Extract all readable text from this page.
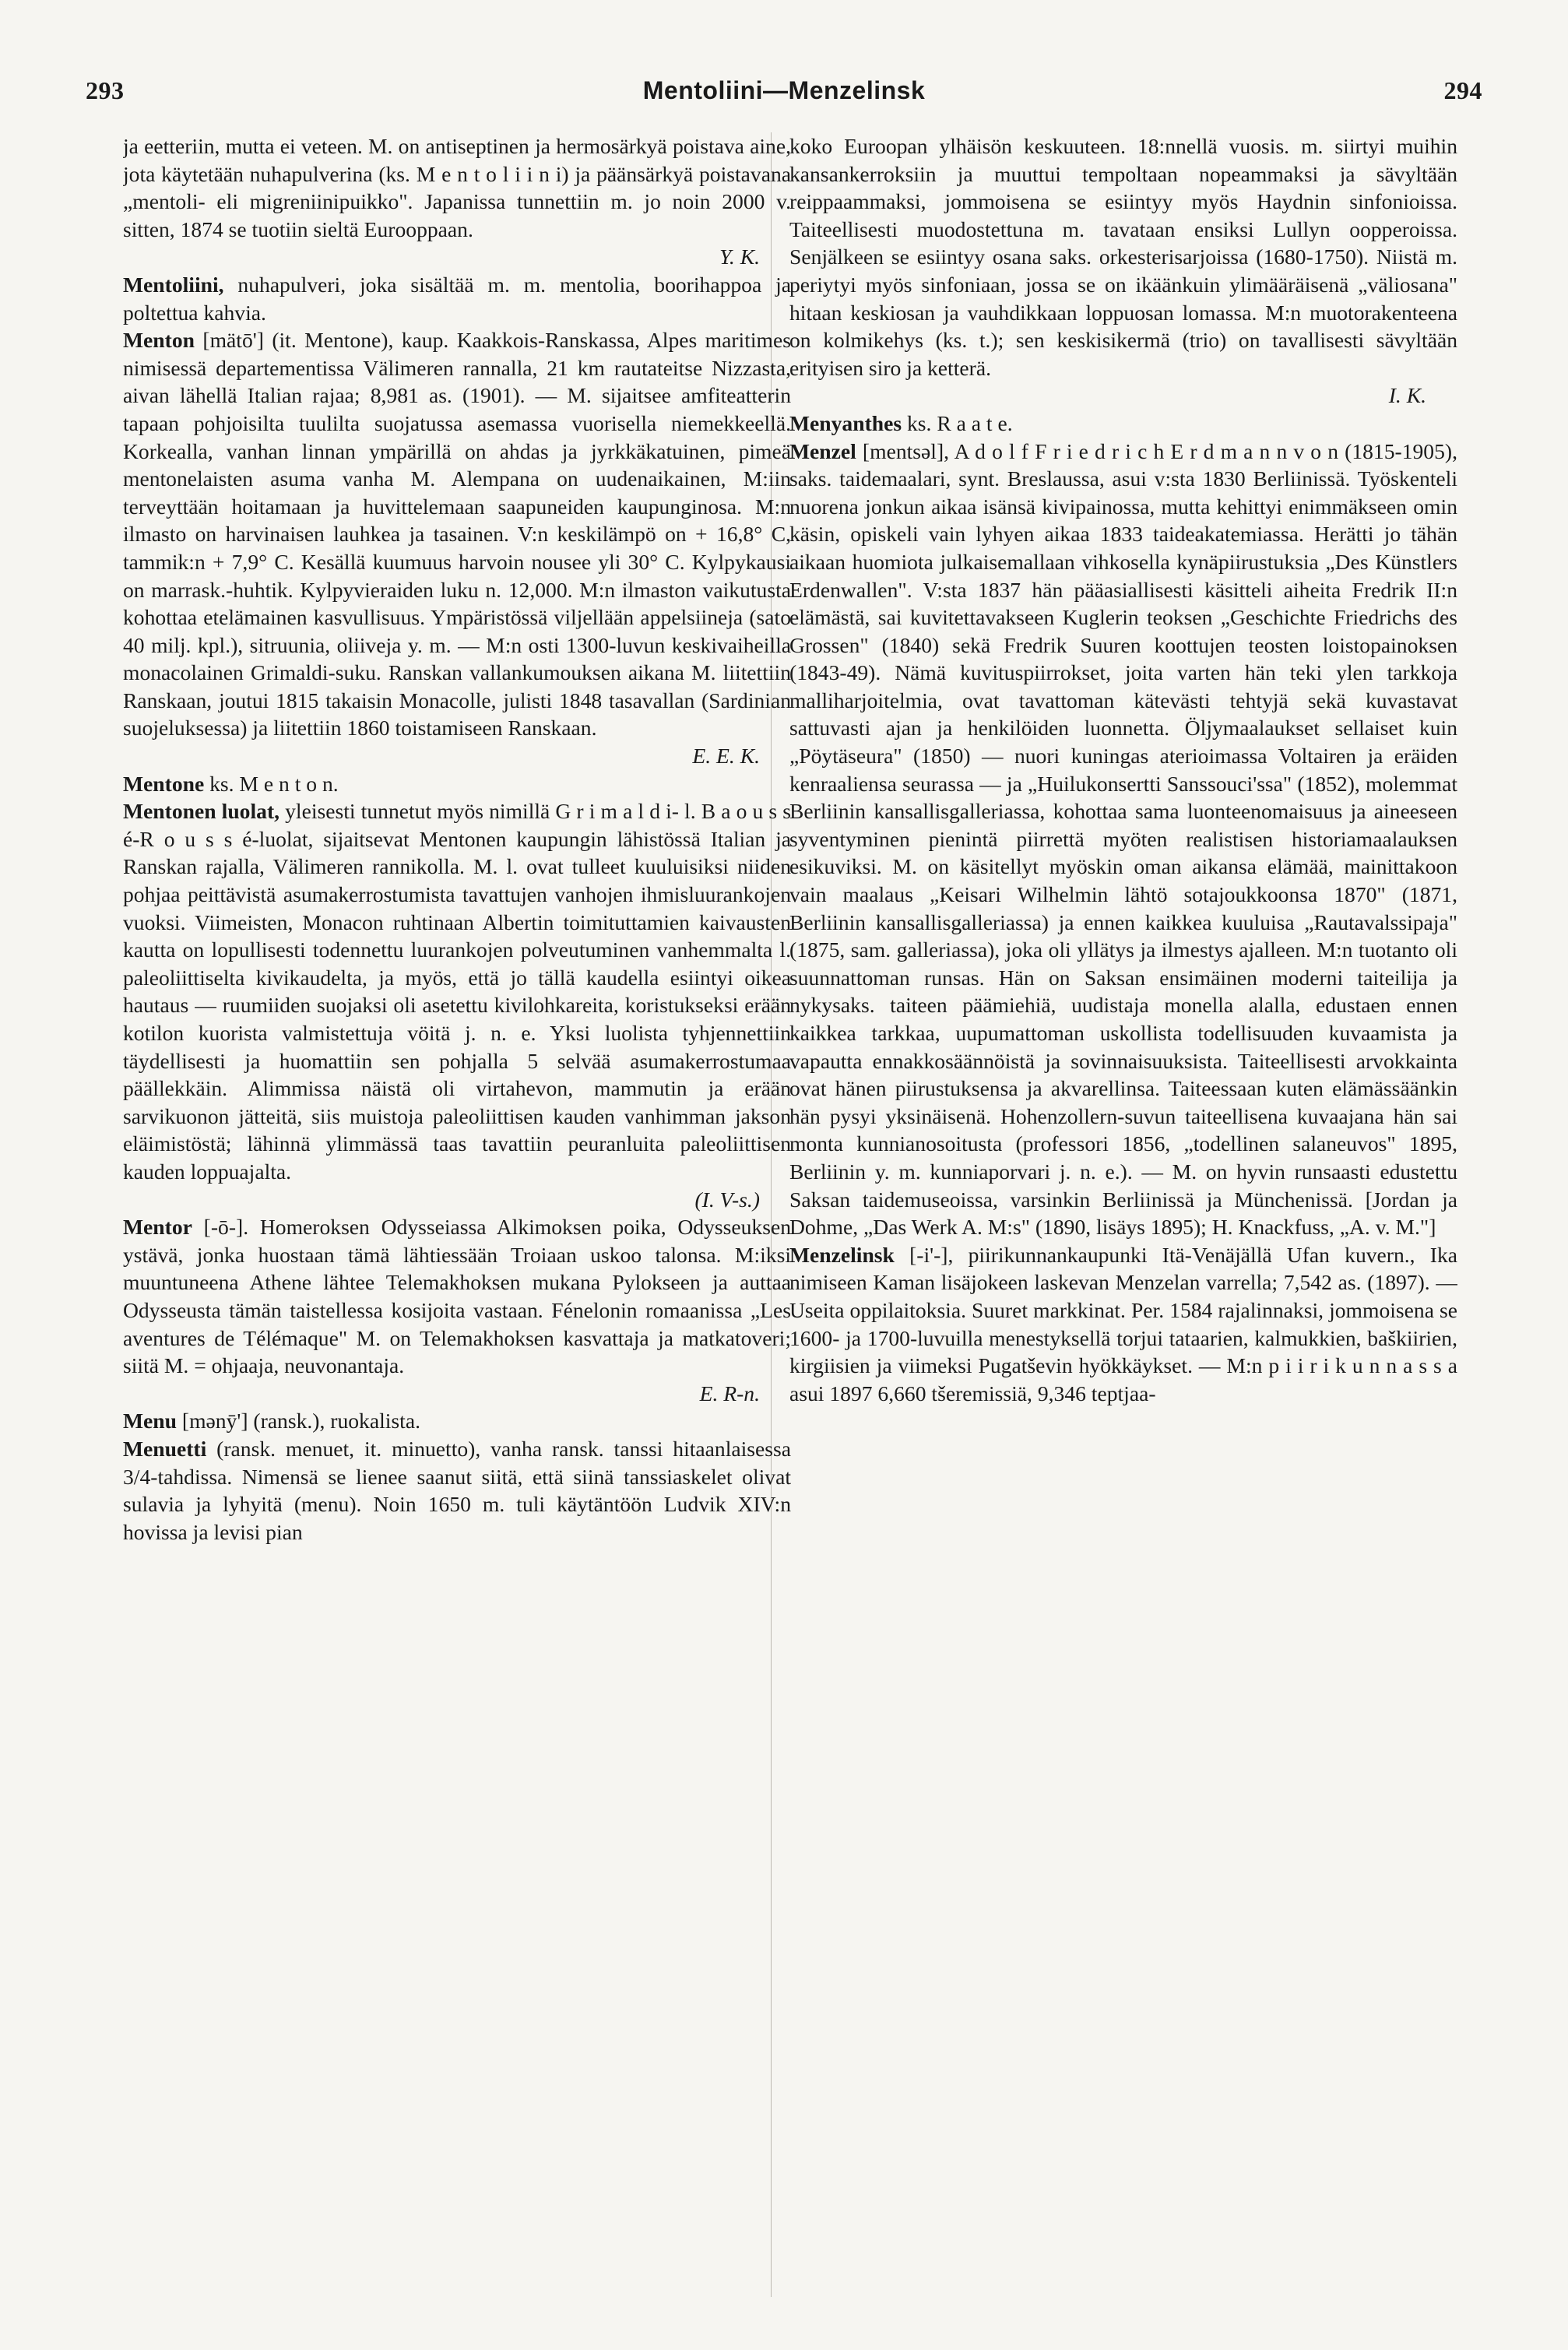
293	Mentoliini—Menzelinsk	294

ja eetteriin, mutta ei veteen. M. on antiseptinen ja hermosärkyä poistava aine, jota käytetään nuhapulverina (ks. M e n t o l i i n i) ja päänsärkyä poistavana „mentoli- eli migreniinipuikko". Japanissa tunnettiin m. jo noin 2000 v. sitten, 1874 se tuotiin sieltä Eurooppaan.

Y. K.

Mentoliini, nuhapulveri, joka sisältää m. m. mentolia, boorihappoa ja poltettua kahvia.

Menton [mätō'] (it. Mentone), kaup. Kaakkois-Ranskassa, Alpes maritimes nimisessä departementissa Välimeren rannalla, 21 km rautateitse Nizzasta, aivan lähellä Italian rajaa; 8,981 as. (1901). — M. sijaitsee amfiteatterin tapaan pohjoisilta tuulilta suojatussa asemassa vuorisella niemekkeellä. Korkealla, vanhan linnan ympärillä on ahdas ja jyrkkäkatuinen, pimeä mentonelaisten asuma vanha M. Alempana on uudenaikainen, M:iin terveyttään hoitamaan ja huvittelemaan saapuneiden kaupunginosa. M:n ilmasto on harvinaisen lauhkea ja tasainen. V:n keskilämpö on + 16,8° C, tammik:n + 7,9° C. Kesällä kuumuus harvoin nousee yli 30° C. Kylpykausi on marrask.-huhtik. Kylpyvieraiden luku n. 12,000. M:n ilmaston vaikutusta kohottaa etelämainen kasvullisuus. Ympäristössä viljellään appelsiineja (sato 40 milj. kpl.), sitruunia, oliiveja y. m. — M:n osti 1300-luvun keskivaiheilla monacolainen Grimaldi-suku. Ranskan vallankumouksen aikana M. liitettiin Ranskaan, joutui 1815 takaisin Monacolle, julisti 1848 tasavallan (Sardinian suojeluksessa) ja liitettiin 1860 toistamiseen Ranskaan.

E. E. K.

Mentone ks. M e n t o n.

Mentonen luolat, yleisesti tunnetut myös nimillä G r i m a l d i- l. B a o u s s é-R o u s s é-luolat, sijaitsevat Mentonen kaupungin lähistössä Italian ja Ranskan rajalla, Välimeren rannikolla. M. l. ovat tulleet kuuluisiksi niiden pohjaa peittävistä asumakerrostumista tavattujen vanhojen ihmisluurankojen vuoksi. Viimeisten, Monacon ruhtinaan Albertin toimituttamien kaivausten kautta on lopullisesti todennettu luurankojen polveutuminen vanhemmalta l. paleoliittiselta kivikaudelta, ja myös, että jo tällä kaudella esiintyi oikea hautaus — ruumiiden suojaksi oli asetettu kivilohkareita, koristukseksi erään kotilon kuorista valmistettuja vöitä j. n. e. Yksi luolista tyhjennettiin täydellisesti ja huomattiin sen pohjalla 5 selvää asumakerrostumaa päällekkäin. Alimmissa näistä oli virtahevon, mammutin ja erään sarvikuonon jätteitä, siis muistoja paleoliittisen kauden vanhimman jakson eläimistöstä; lähinnä ylimmässä taas tavattiin peuranluita paleoliittisen kauden loppuajalta.

(I. V-s.)

Mentor [-ō-]. Homeroksen Odysseiassa Alkimoksen poika, Odysseuksen ystävä, jonka huostaan tämä lähtiessään Troiaan uskoo talonsa. M:iksi muuntuneena Athene lähtee Telemakhoksen mukana Pylokseen ja auttaa Odysseusta tämän taistellessa kosijoita vastaan. Fénelonin romaanissa „Les aventures de Télémaque" M. on Telemakhoksen kasvattaja ja matkatoveri; siitä M. = ohjaaja, neuvonantaja.

E. R-n.

Menu [mənȳ'] (ransk.), ruokalista.

Menuetti (ransk. menuet, it. minuetto), vanha ransk. tanssi hitaanlaisessa 3/4-tahdissa. Nimensä se lienee saanut siitä, että siinä tanssiaskelet olivat sulavia ja lyhyitä (menu). Noin 1650 m. tuli käytäntöön Ludvik XIV:n hovissa ja levisi pian

koko Euroopan ylhäisön keskuuteen. 18:nnellä vuosis. m. siirtyi muihin kansankerroksiin ja muuttui tempoltaan nopeammaksi ja sävyltään reippaammaksi, jommoisena se esiintyy myös Haydnin sinfonioissa. Taiteellisesti muodostettuna m. tavataan ensiksi Lullyn oopperoissa. Senjälkeen se esiintyy osana saks. orkesterisarjoissa (1680-1750). Niistä m. periytyi myös sinfoniaan, jossa se on ikäänkuin ylimääräisenä „väliosana" hitaan keskiosan ja vauhdikkaan loppuosan lomassa. M:n muotorakenteena on kolmikehys (ks. t.); sen keskisikermä (trio) on tavallisesti sävyltään erityisen siro ja ketterä.

I. K.

Menyanthes ks. R a a t e.

Menzel [mentsəl], A d o l f F r i e d r i c h E r d m a n n v o n (1815-1905), saks. taidemaalari, synt. Breslaussa, asui v:sta 1830 Berliinissä. Työskenteli nuorena jonkun aikaa isänsä kivipainossa, mutta kehittyi enimmäkseen omin käsin, opiskeli vain lyhyen aikaa 1833 taideakatemiassa. Herätti jo tähän aikaan huomiota julkaisemallaan vihkosella kynäpiirustuksia „Des Künstlers Erdenwallen". V:sta 1837 hän pääasiallisesti käsitteli aiheita Fredrik II:n elämästä, sai kuvitettavakseen Kuglerin teoksen „Geschichte Friedrichs des Grossen" (1840) sekä Fredrik Suuren koottujen teosten loistopainoksen (1843-49). Nämä kuvituspiirrokset, joita varten hän teki ylen tarkkoja malliharjoitelmia, ovat tavattoman kätevästi tehtyjä sekä kuvastavat sattuvasti ajan ja henkilöiden luonnetta. Öljymaalaukset sellaiset kuin „Pöytäseura" (1850) — nuori kuningas aterioimassa Voltairen ja eräiden kenraaliensa seurassa — ja „Huilukonsertti Sanssouci'ssa" (1852), molemmat Berliinin kansallisgalleriassa, kohottaa sama luonteenomaisuus ja aineeseen syventyminen pienintä piirrettä myöten realistisen historiamaalauksen esikuviksi. M. on käsitellyt myöskin oman aikansa elämää, mainittakoon vain maalaus „Keisari Wilhelmin lähtö sotajoukkoonsa 1870" (1871, Berliinin kansallisgalleriassa) ja ennen kaikkea kuuluisa „Rautavalssipaja" (1875, sam. galleriassa), joka oli yllätys ja ilmestys ajalleen. M:n tuotanto oli suunnattoman runsas. Hän on Saksan ensimäinen moderni taiteilija ja nykysaks. taiteen päämiehiä, uudistaja monella alalla, edustaen ennen kaikkea tarkkaa, uupumattoman uskollista todellisuuden kuvaamista ja vapautta ennakkosäännöistä ja sovinnaisuuksista. Taiteellisesti arvokkainta ovat hänen piirustuksensa ja akvarellinsa. Taiteessaan kuten elämässäänkin hän pysyi yksinäisenä. Hohenzollern-suvun taiteellisena kuvaajana hän sai monta kunnianosoitusta (professori 1856, „todellinen salaneuvos" 1895, Berliinin y. m. kunniaporvari j. n. e.). — M. on hyvin runsaasti edustettu Saksan taidemuseoissa, varsinkin Berliinissä ja Münchenissä. [Jordan ja Dohme, „Das Werk A. M:s" (1890, lisäys 1895); H. Knackfuss, „A. v. M."]

Menzelinsk [-i'-], piirikunnankaupunki Itä-Venäjällä Ufan kuvern., Ika nimiseen Kaman lisäjokeen laskevan Menzelan varrella; 7,542 as. (1897). — Useita oppilaitoksia. Suuret markkinat. Per. 1584 rajalinnaksi, jommoisena se 1600- ja 1700-luvuilla menestyksellä torjui tataarien, kalmukkien, baškiirien, kirgiisien ja viimeksi Pugatševin hyökkäykset. — M:n p i i r i k u n n a s s a asui 1897 6,660 tšeremissiä, 9,346 teptjaa-
